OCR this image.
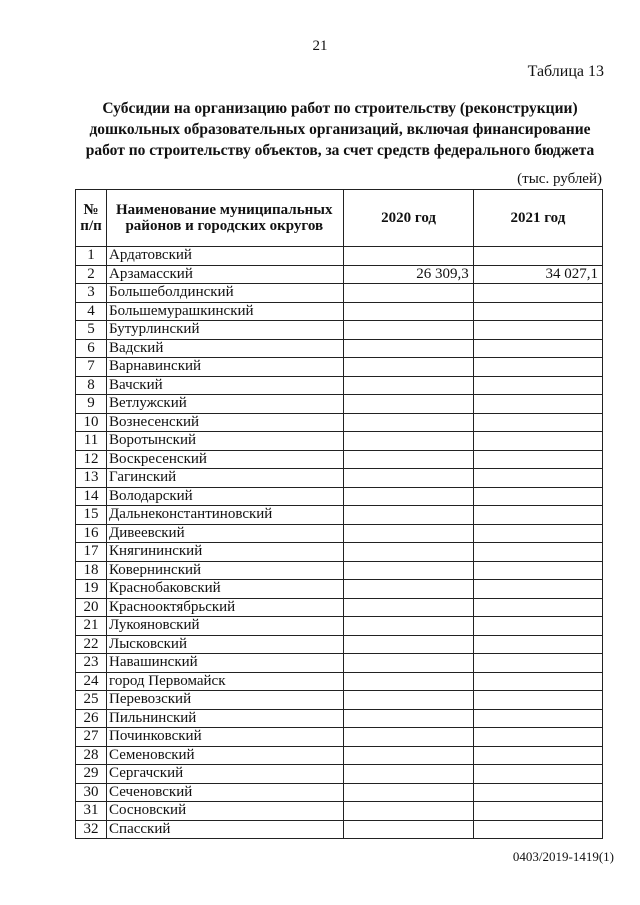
21
Таблица 13
Субсидии на организацию работ по строительству (реконструкции) дошкольных образовательных организаций, включая финансирование работ по строительству объектов, за счет средств федерального бюджета
(тыс. рублей)
№ п/п	Наименование муниципальных районов и городских округов	2020 год	2021 год
1	Ардатовский		
2	Арзамасский	26 309,3	34 027,1
3	Большеболдинский		
4	Большемурашкинский		
5	Бутурлинский		
6	Вадский		
7	Варнавинский		
8	Вачский		
9	Ветлужский		
10	Вознесенский		
11	Воротынский		
12	Воскресенский		
13	Гагинский		
14	Володарский		
15	Дальнеконстантиновский		
16	Дивеевский		
17	Княгининский		
18	Ковернинский		
19	Краснобаковский		
20	Краснооктябрьский		
21	Лукояновский		
22	Лысковский		
23	Навашинский		
24	город Первомайск		
25	Перевозский		
26	Пильнинский		
27	Починковский		
28	Семеновский		
29	Сергачский		
30	Сеченовский		
31	Сосновский		
32	Спасский		
0403/2019-1419(1)
